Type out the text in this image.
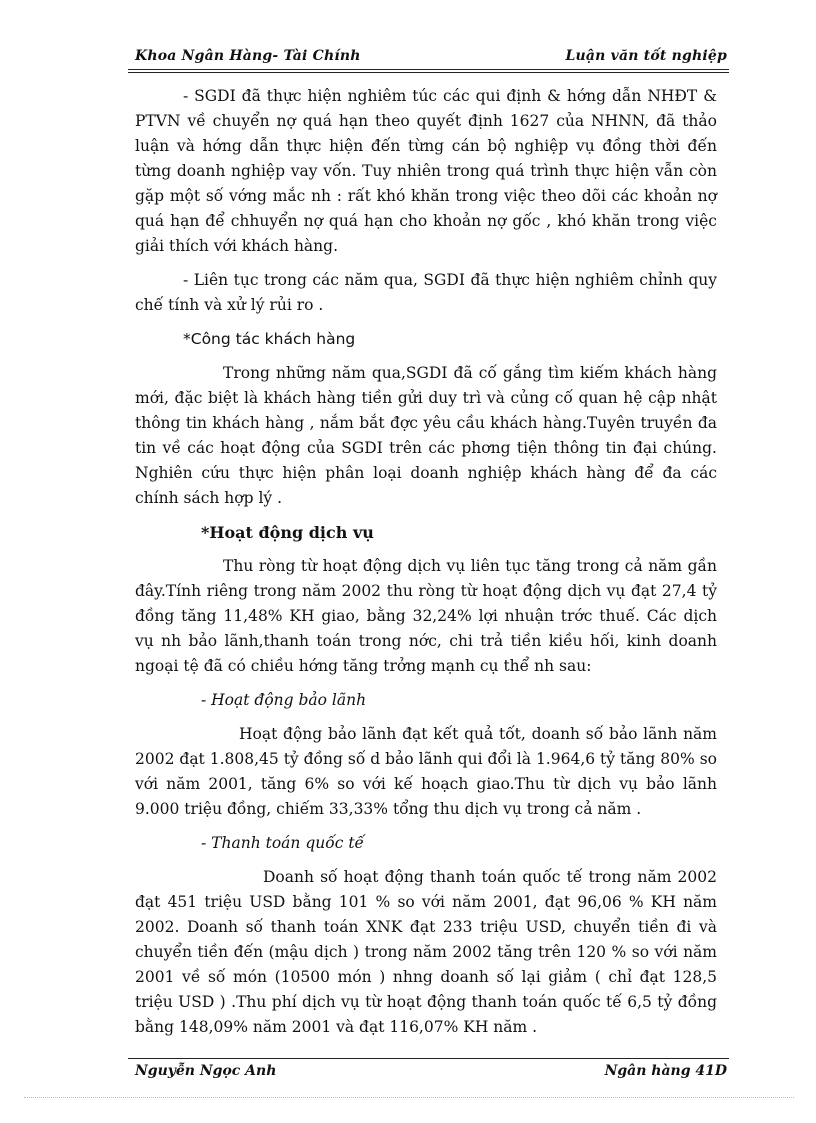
Khoa Ngân Hàng- Tài Chính	Luận văn tốt nghiệp

- SGDI đã thực hiện nghiêm túc các qui định & hớng dẫn NHĐT & PTVN về chuyển nợ quá hạn theo quyết định 1627 của NHNN, đã thảo luận và hớng dẫn thực hiện đến từng cán bộ nghiệp vụ đồng thời đến từng doanh nghiệp vay vốn. Tuy nhiên trong quá trình thực hiện vẫn còn gặp một số vớng mắc nh : rất khó khăn trong việc theo dõi các khoản nợ quá hạn để chhuyển nợ quá hạn cho khoản nợ gốc , khó khăn trong việc giải thích với khách hàng.

- Liên tục trong các năm qua, SGDI đã thực hiện nghiêm chỉnh quy chế tính và xử lý rủi ro .

*Công tác khách hàng

Trong những năm qua,SGDI đã cố gắng tìm kiếm khách hàng mới, đặc biệt là khách hàng tiền gửi duy trì và củng cố quan hệ cập nhật thông tin khách hàng , nắm bắt đợc yêu cầu khách hàng.Tuyên truyền đa tin về các hoạt động của SGDI trên các phơng tiện thông tin đại chúng. Nghiên cứu thực hiện phân loại doanh nghiệp khách hàng để đa các chính sách hợp lý .

*Hoạt động dịch vụ

Thu ròng từ hoạt động dịch vụ liên tục tăng trong cả năm gần đây.Tính riêng trong năm 2002 thu ròng từ hoạt động dịch vụ đạt 27,4 tỷ đồng tăng 11,48% KH giao, bằng 32,24% lợi nhuận trớc thuế. Các dịch vụ nh bảo lãnh,thanh toán trong nớc, chi trả tiền kiều hối, kinh doanh ngoại tệ đã có chiều hớng tăng trởng mạnh cụ thể nh sau:

- Hoạt động bảo lãnh

Hoạt động bảo lãnh đạt kết quả tốt, doanh số bảo lãnh năm 2002 đạt 1.808,45 tỷ đồng số d bảo lãnh qui đổi là 1.964,6 tỷ tăng 80% so với năm 2001, tăng 6% so với kế hoạch giao.Thu từ dịch vụ bảo lãnh 9.000 triệu đồng, chiếm 33,33% tổng thu dịch vụ trong cả năm .

- Thanh toán quốc tế

Doanh số hoạt động thanh toán quốc tế trong năm 2002 đạt 451 triệu USD bằng 101 % so với năm 2001, đạt 96,06 % KH năm 2002. Doanh số thanh toán XNK đạt 233 triệu USD, chuyển tiền đi và chuyển tiền đến (mậu dịch ) trong năm 2002 tăng trên 120 % so với năm 2001 về số món (10500 món ) nhng doanh số lại giảm ( chỉ đạt 128,5 triệu USD ) .Thu phí dịch vụ từ hoạt động thanh toán quốc tế 6,5 tỷ đồng bằng 148,09% năm 2001 và đạt 116,07% KH năm .

Nguyễn Ngọc Anh	Ngân hàng 41D
